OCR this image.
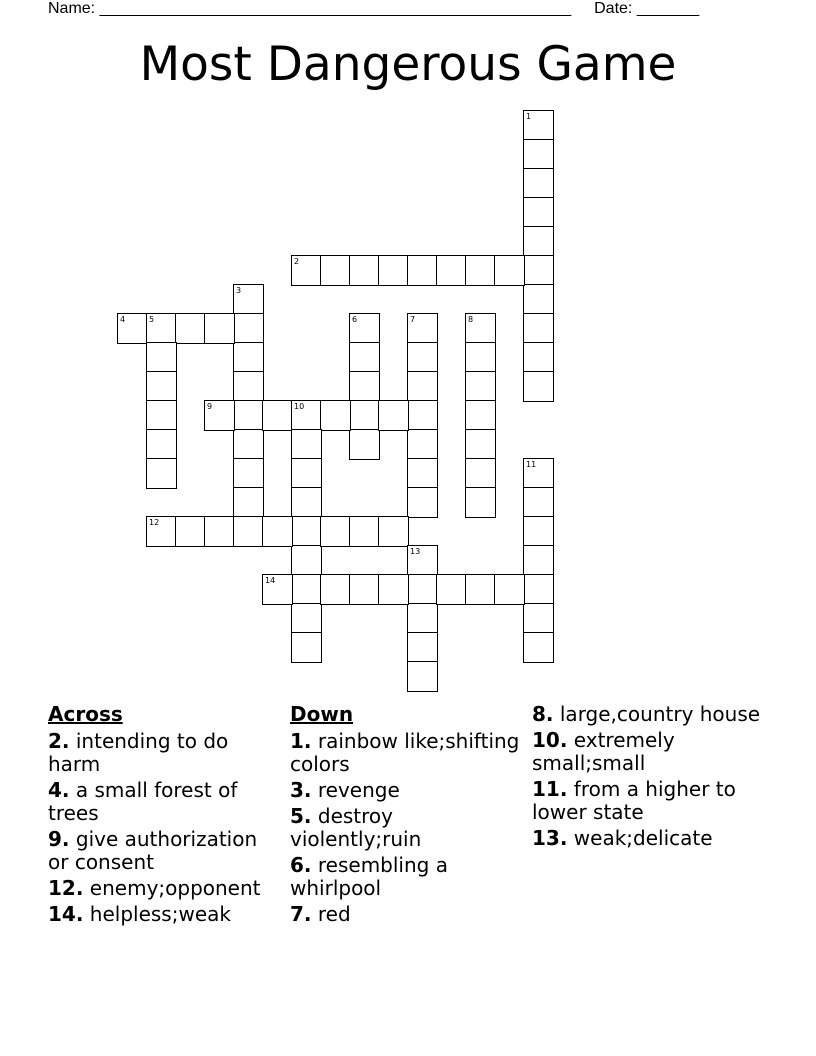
Name: _____________________________________________________ Date: _______
Most Dangerous Game
1
2
3
4	5	6	7	8
9	10
12
11
13
14
Across
2. intending to do harm
4. a small forest of trees
9. give authorization or consent
12. enemy;opponent
14. helpless;weak
Down
1. rainbow like;shifting colors
3. revenge
5. destroy violently;ruin
6. resembling a whirlpool
7. red
8. large,country house
10. extremely small;small
11. from a higher to lower state
13. weak;delicate
